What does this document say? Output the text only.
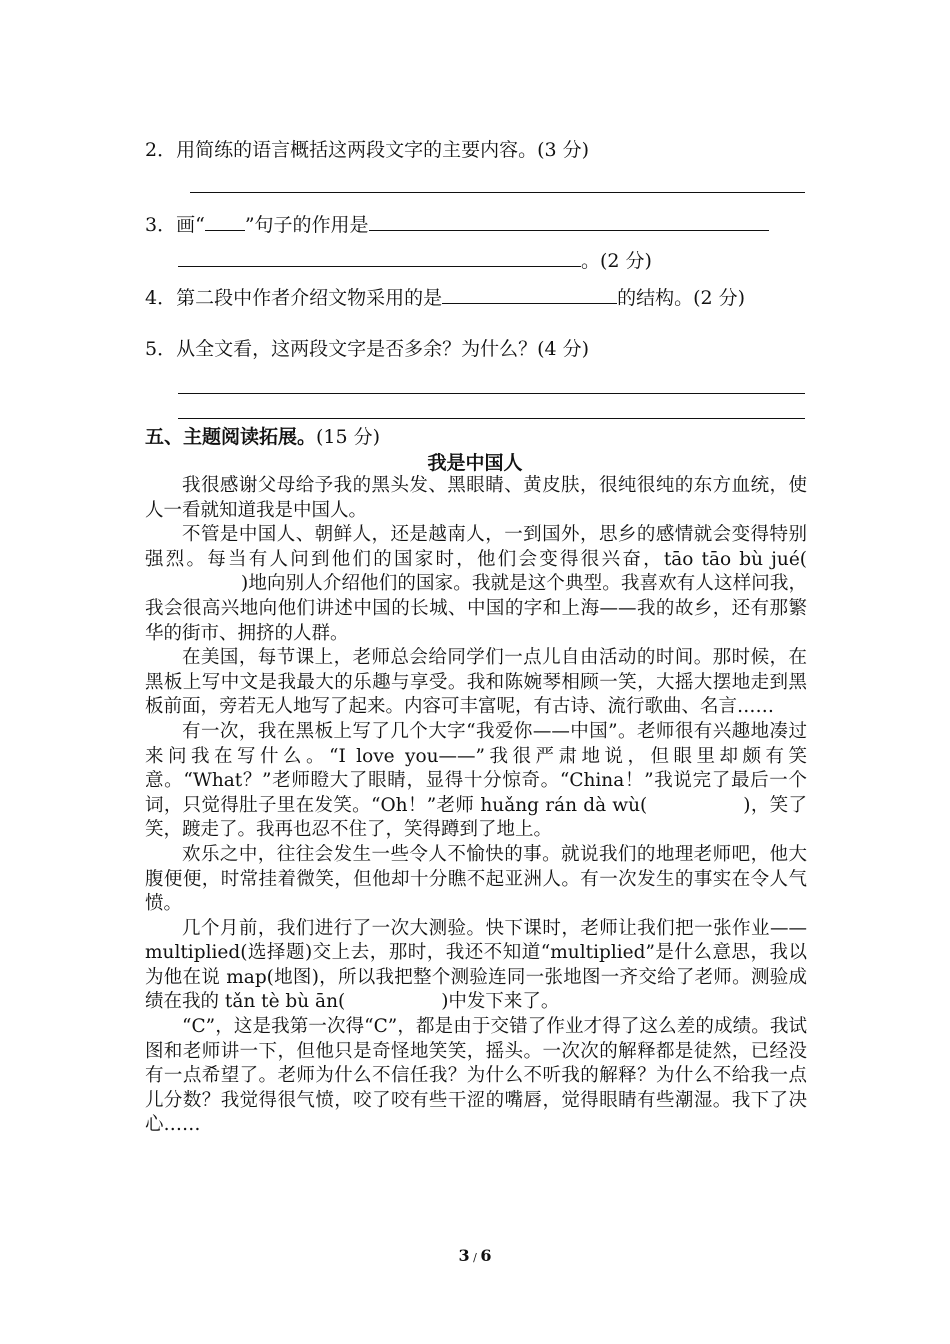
2．用简练的语言概括这两段文字的主要内容。(3 分)
3．画“ ”句子的作用是
。(2 分)
4．第二段中作者介绍文物采用的是	的结构。(2 分)
5．从全文看，这两段文字是否多余？为什么？(4 分)
五、主题阅读拓展。(15 分)
我是中国人

我很感谢父母给予我的黑头发、黑眼睛、黄皮肤，很纯很纯的东方血统，使人一看就知道我是中国人。

不管是中国人、朝鲜人，还是越南人，一到国外，思乡的感情就会变得特别强烈。每当有人问到他们的国家时，他们会变得很兴奋，tāo tāo bù jué()地向别人介绍他们的国家。我就是这个典型。我喜欢有人这样问我，我会很高兴地向他们讲述中国的长城、中国的字和上海——我的故乡，还有那繁华的街市、拥挤的人群。

在美国，每节课上，老师总会给同学们一点儿自由活动的时间。那时候，在黑板上写中文是我最大的乐趣与享受。我和陈婉琴相顾一笑，大摇大摆地走到黑板前面，旁若无人地写了起来。内容可丰富呢，有古诗、流行歌曲、名言……

有一次，我在黑板上写了几个大字“我爱你——中国”。老师很有兴趣地凑过来问我在写什么。“I love you——”我很严肃地说，但眼里却颇有笑意。“What？”老师瞪大了眼睛，显得十分惊奇。“China！”我说完了最后一个词，只觉得肚子里在发笑。“Oh！”老师 huǎng rán dà wù(	)，笑了笑，踱走了。我再也忍不住了，笑得蹲到了地上。

欢乐之中，往往会发生一些令人不愉快的事。就说我们的地理老师吧，他大腹便便，时常挂着微笑，但他却十分瞧不起亚洲人。有一次发生的事实在令人气愤。

几个月前，我们进行了一次大测验。快下课时，老师让我们把一张作业——multiplied(选择题)交上去，那时，我还不知道“multiplied”是什么意思，我以为他在说 map(地图)，所以我把整个测验连同一张地图一齐交给了老师。测验成绩在我的 tǎn tè bù ān(	)中发下来了。

“C”，这是我第一次得“C”，都是由于交错了作业才得了这么差的成绩。我试图和老师讲一下，但他只是奇怪地笑笑，摇头。一次次的解释都是徒然，已经没有一点希望了。老师为什么不信任我？为什么不听我的解释？为什么不给我一点儿分数？我觉得很气愤，咬了咬有些干涩的嘴唇，觉得眼睛有些潮湿。我下了决心……

3 / 6
